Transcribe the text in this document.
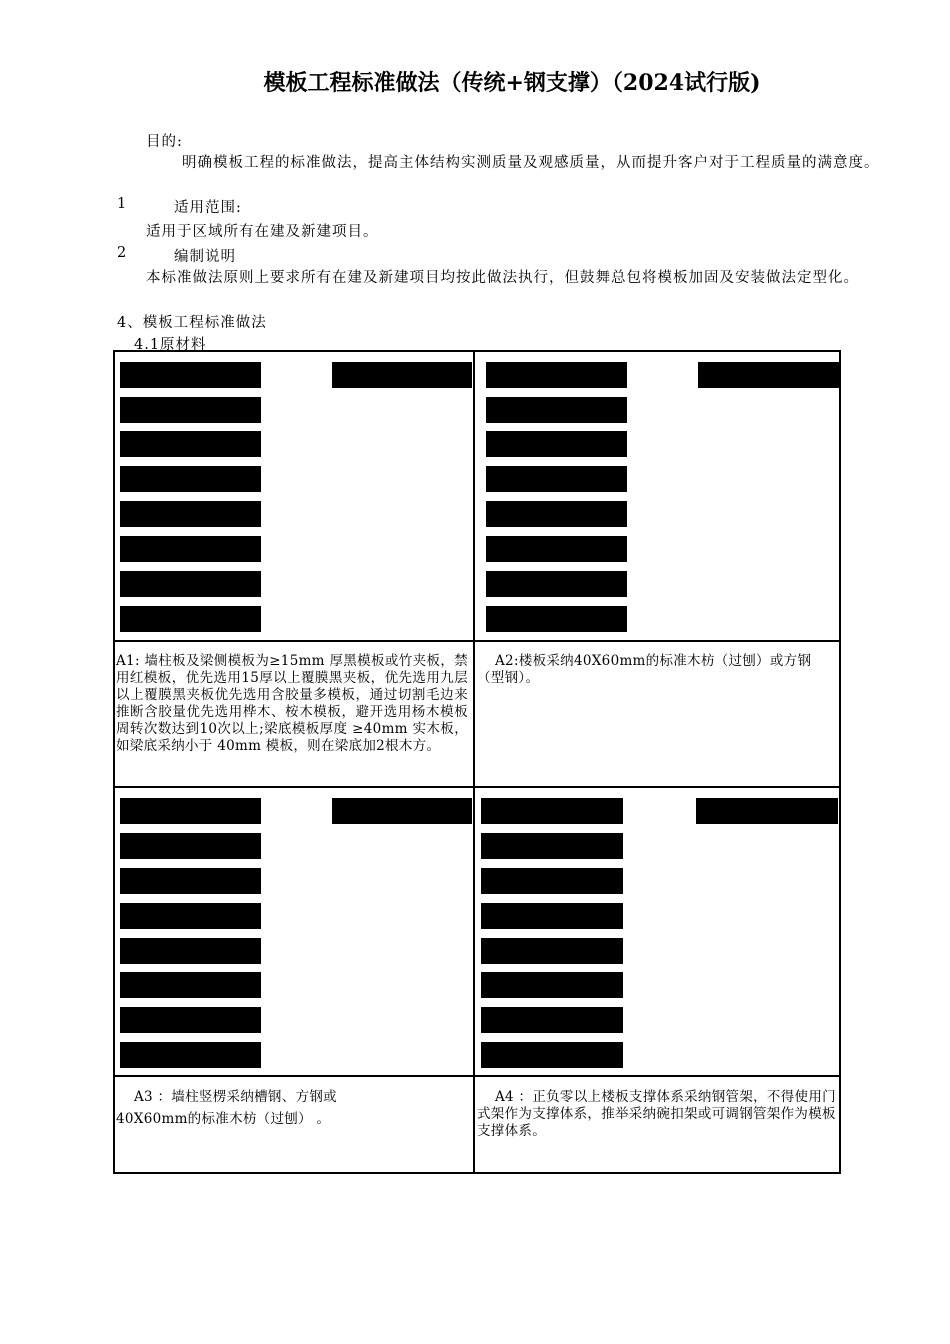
模板工程标准做法（传统+钢支撑）（2024试行版)
目的:
明确模板工程的标准做法，提高主体结构实测质量及观感质量，从而提升客户对于工程质量的满意度。
1	适用范围:
适用于区域所有在建及新建项目。
2	编制说明
本标准做法原则上要求所有在建及新建项目均按此做法执行，但鼓舞总包将模板加固及安装做法定型化。
4、模板工程标准做法
4.1原材料
A1: 墙柱板及梁侧模板为≥15mm 厚黑模板或竹夹板，禁用红模板，优先选用15厚以上覆膜黑夹板，优先选用九层以上覆膜黑夹板优先选用含胶量多模板，通过切割毛边来推断含胶量优先选用桦木、桉木模板，避开选用杨木模板周转次数达到10次以上;梁底模板厚度 ≥40mm 实木板，如梁底采纳小于 40mm 模板，则在梁底加2根木方。
A2:楼板采纳40X60mm的标准木枋（过刨）或方钢（型钢）。
A3 ：墙柱竖楞采纳槽钢、方钢或
40X60mm的标准木枋（过刨） 。
A4 ：正负零以上楼板支撑体系采纳钢管架，不得使用门式架作为支撑体系，推举采纳碗扣架或可调钢管架作为模板支撑体系。
